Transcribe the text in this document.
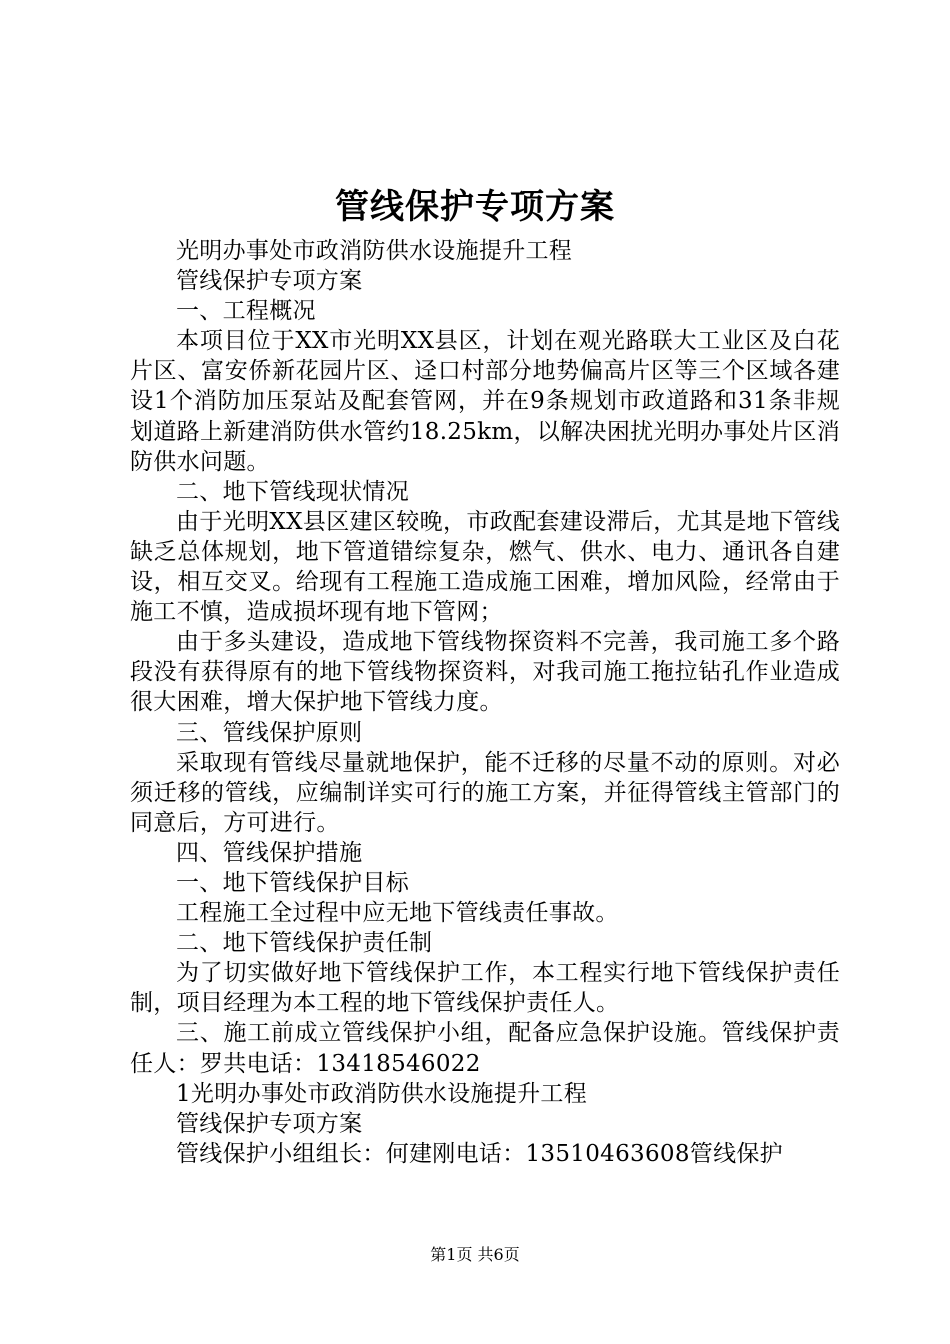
管线保护专项方案

光明办事处市政消防供水设施提升工程

管线保护专项方案

一、工程概况

本项目位于XX市光明XX县区，计划在观光路联大工业区及白花片区、富安侨新花园片区、迳口村部分地势偏高片区等三个区域各建设1个消防加压泵站及配套管网，并在9条规划市政道路和31条非规划道路上新建消防供水管约18.25km，以解决困扰光明办事处片区消防供水问题。

二、地下管线现状情况

由于光明XX县区建区较晚，市政配套建设滞后，尤其是地下管线缺乏总体规划，地下管道错综复杂，燃气、供水、电力、通讯各自建设，相互交叉。给现有工程施工造成施工困难，增加风险，经常由于施工不慎，造成损坏现有地下管网；

由于多头建设，造成地下管线物探资料不完善，我司施工多个路段没有获得原有的地下管线物探资料，对我司施工拖拉钻孔作业造成很大困难，增大保护地下管线力度。

三、管线保护原则

采取现有管线尽量就地保护，能不迁移的尽量不动的原则。对必须迁移的管线，应编制详实可行的施工方案，并征得管线主管部门的同意后，方可进行。

四、管线保护措施

一、地下管线保护目标

工程施工全过程中应无地下管线责任事故。

二、地下管线保护责任制

为了切实做好地下管线保护工作，本工程实行地下管线保护责任制，项目经理为本工程的地下管线保护责任人。

三、施工前成立管线保护小组，配备应急保护设施。管线保护责任人：罗共电话：13418546022

1光明办事处市政消防供水设施提升工程

管线保护专项方案

管线保护小组组长：何建刚电话：13510463608管线保护

第1页 共6页
